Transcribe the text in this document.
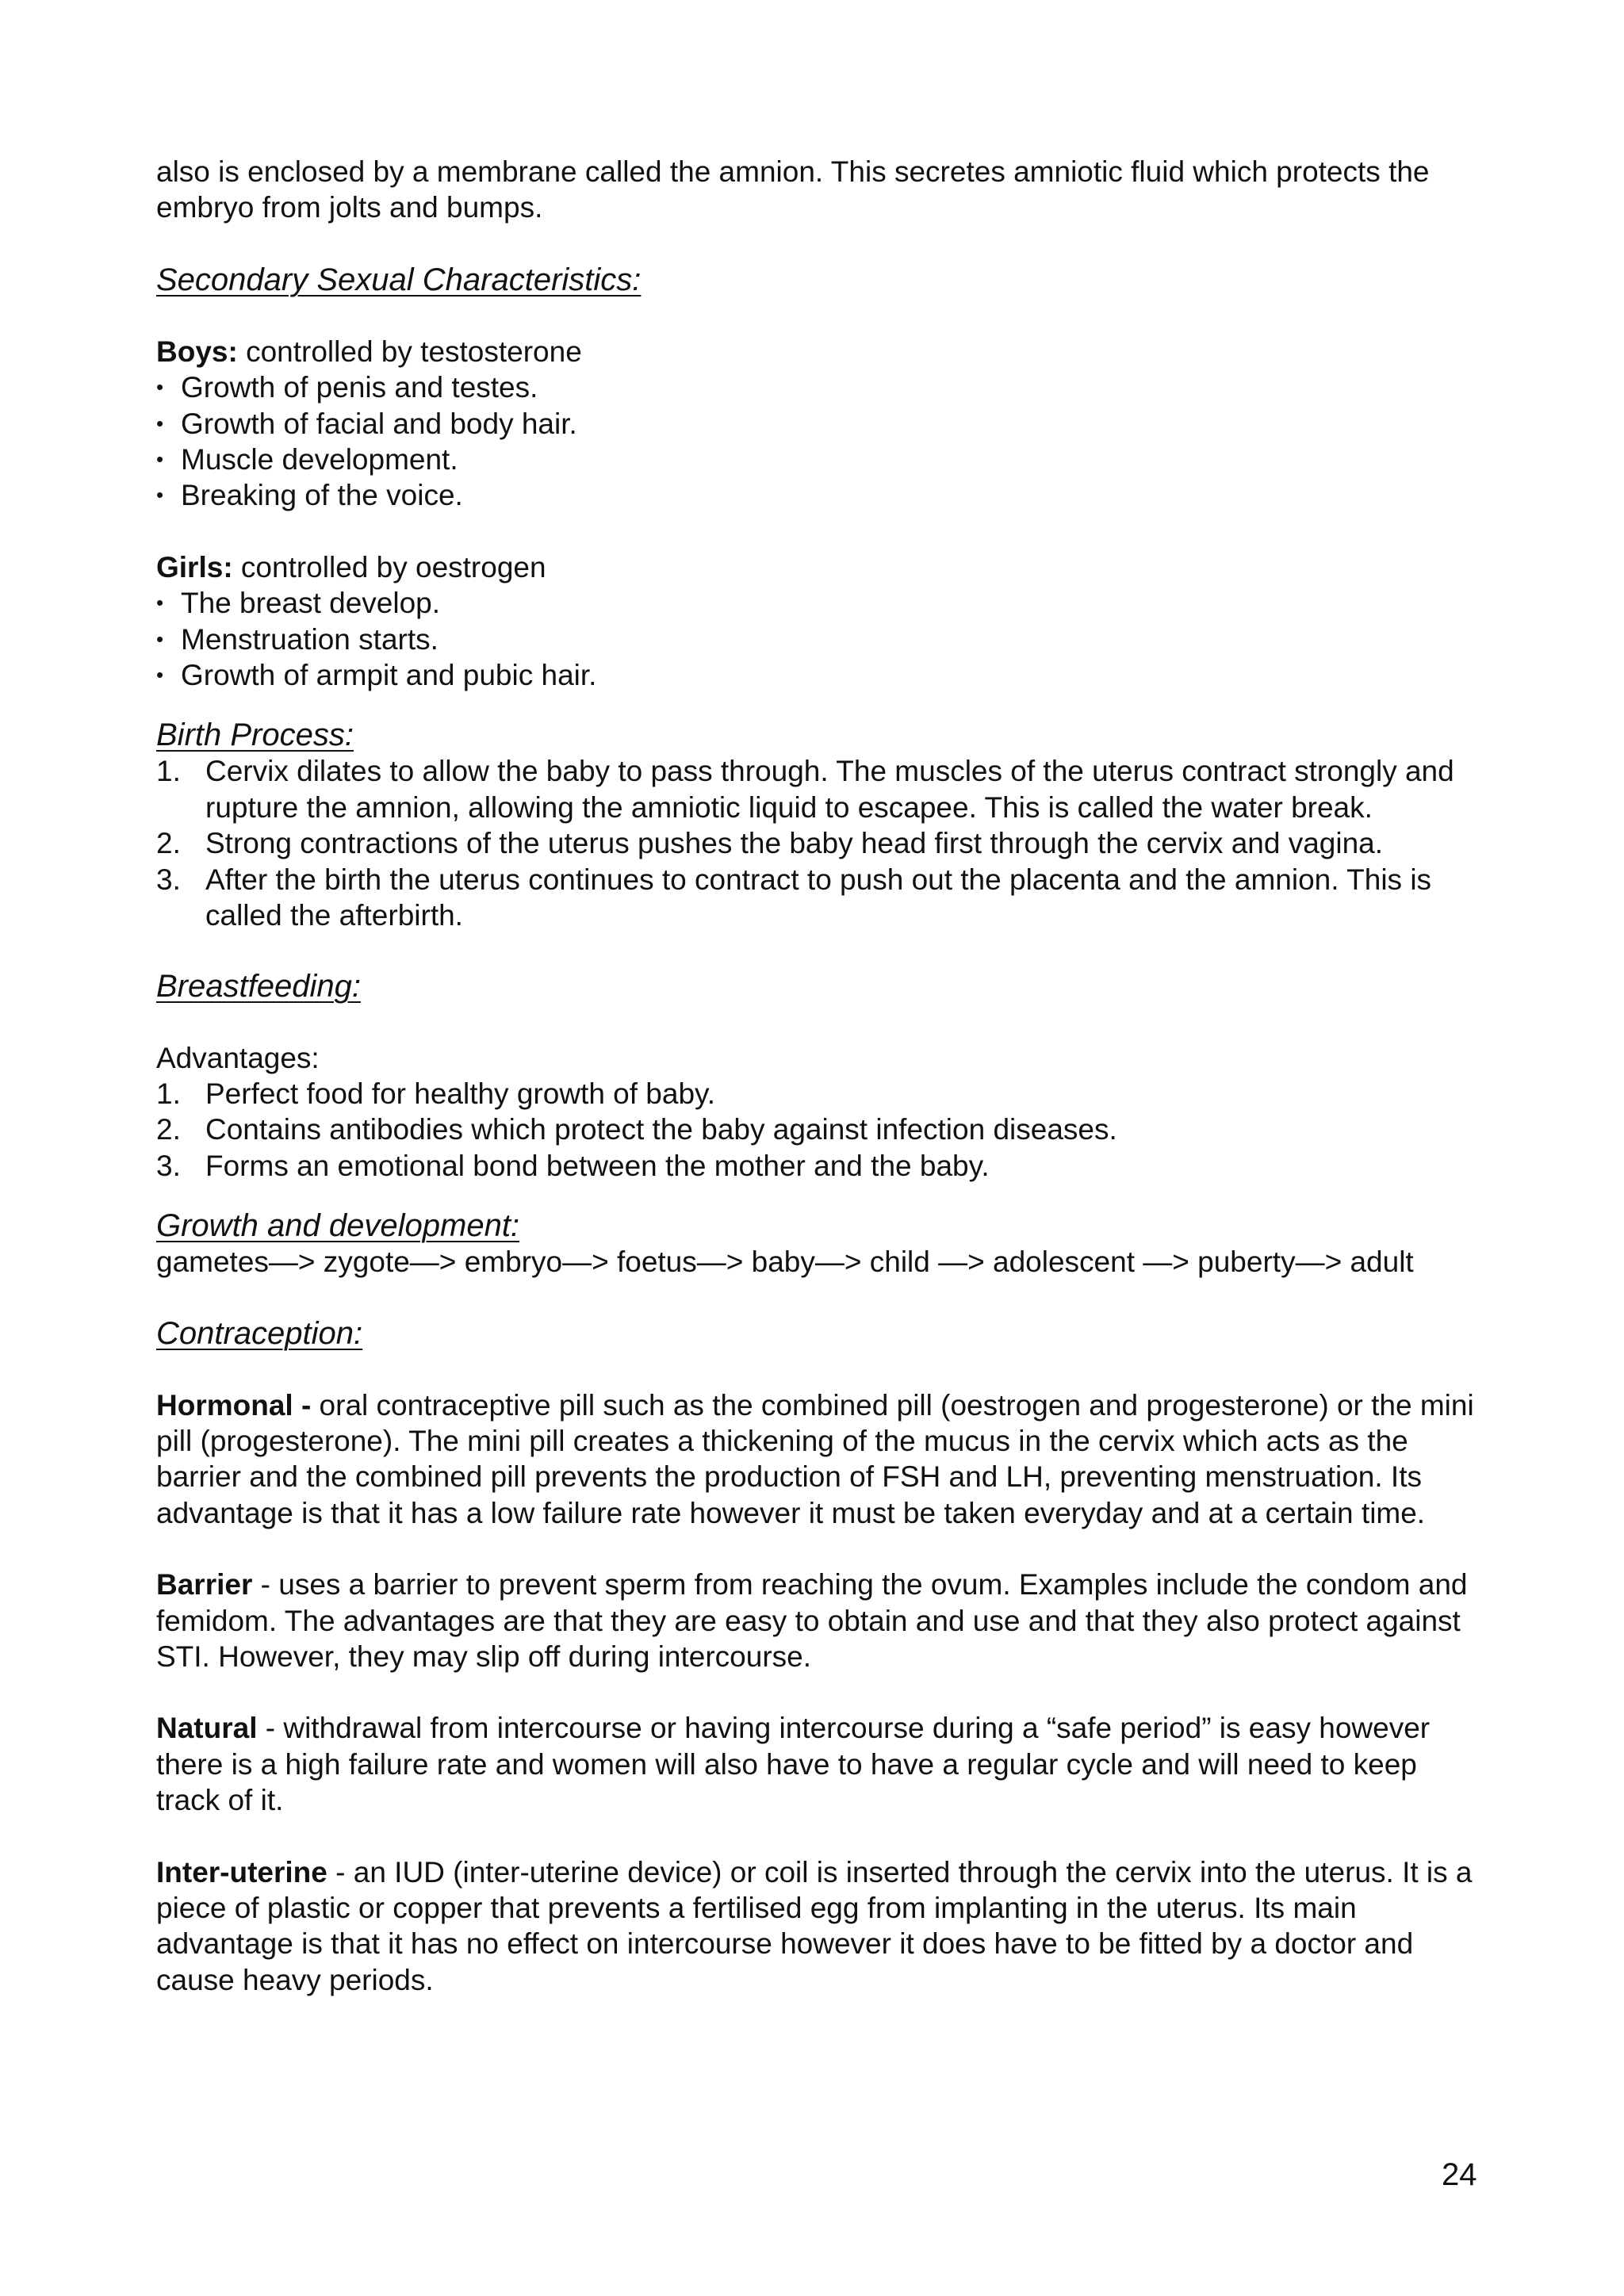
also is enclosed by a membrane called the amnion. This secretes amniotic fluid which protects the embryo from jolts and bumps.

Secondary Sexual Characteristics:

Boys: controlled by testosterone

• Growth of penis and testes.
• Growth of facial and body hair.
• Muscle development.
• Breaking of the voice.

Girls: controlled by oestrogen

• The breast develop.
• Menstruation starts.
• Growth of armpit and pubic hair.

Birth Process:

1. Cervix dilates to allow the baby to pass through. The muscles of the uterus contract strongly and rupture the amnion, allowing the amniotic liquid to escapee. This is called the water break.
2. Strong contractions of the uterus pushes the baby head first through the cervix and vagina.
3. After the birth the uterus continues to contract to push out the placenta and the amnion. This is called the afterbirth.

Breastfeeding:

Advantages:

1. Perfect food for healthy growth of baby.
2. Contains antibodies which protect the baby against infection diseases.
3. Forms an emotional bond between the mother and the baby.

Growth and development:

gametes—> zygote—> embryo—> foetus—> baby—> child —> adolescent —> puberty—> adult

Contraception:

Hormonal - oral contraceptive pill such as the combined pill (oestrogen and progesterone) or the mini pill (progesterone). The mini pill creates a thickening of the mucus in the cervix which acts as the barrier and the combined pill prevents the production of FSH and LH, preventing menstruation. Its advantage is that it has a low failure rate however it must be taken everyday and at a certain time.

Barrier - uses a barrier to prevent sperm from reaching the ovum. Examples include the condom and femidom. The advantages are that they are easy to obtain and use and that they also protect against STI. However, they may slip off during intercourse.

Natural - withdrawal from intercourse or having intercourse during a “safe period” is easy however there is a high failure rate and women will also have to have a regular cycle and will need to keep track of it.

Inter-uterine - an IUD (inter-uterine device) or coil is inserted through the cervix into the uterus. It is a piece of plastic or copper that prevents a fertilised egg from implanting in the uterus. Its main advantage is that it has no effect on intercourse however it does have to be fitted by a doctor and cause heavy periods.

24
